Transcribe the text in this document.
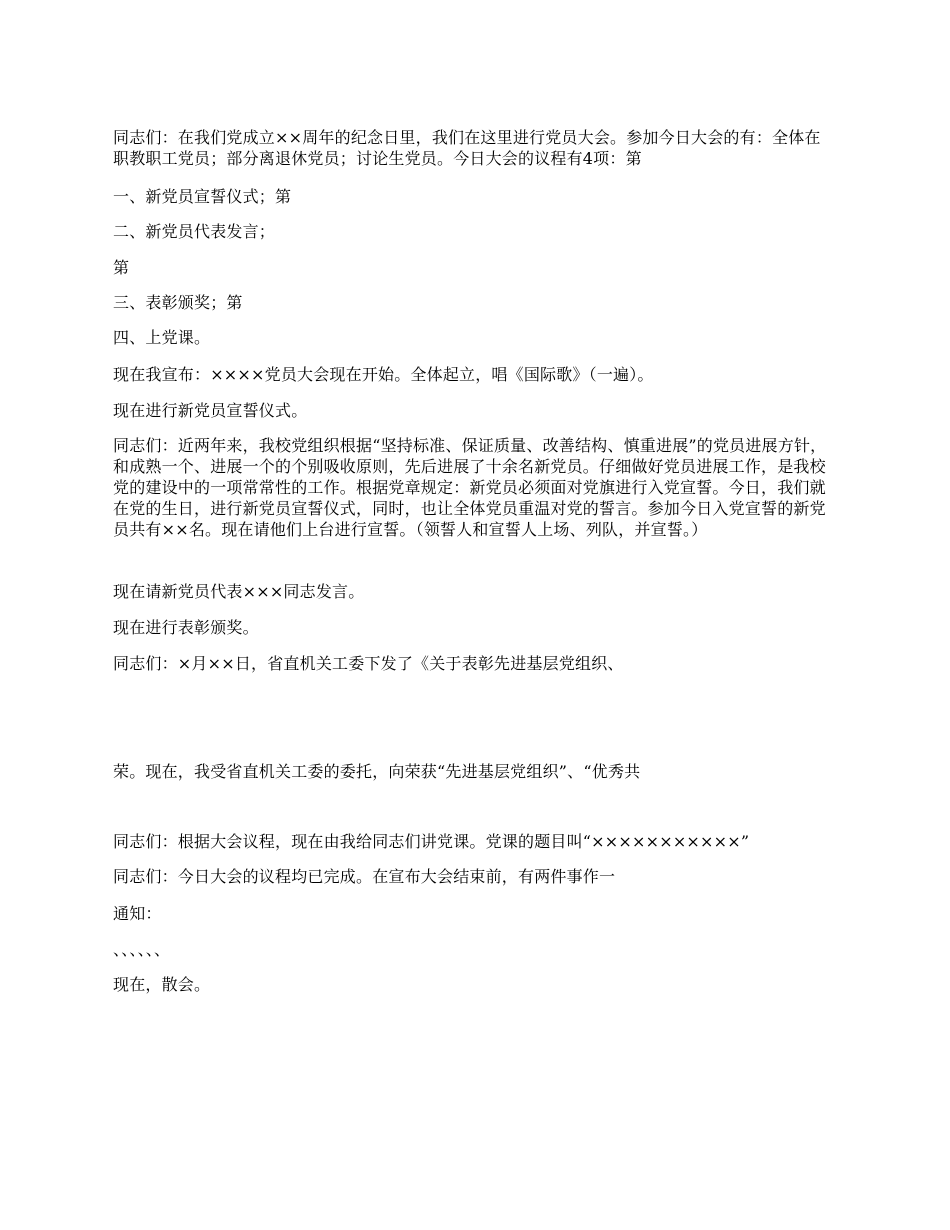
同志们：在我们党成立××周年的纪念日里，我们在这里进行党员大会。参加今日大会的有：全体在职教职工党员；部分离退休党员；讨论生党员。今日大会的议程有4项：第

一、新党员宣誓仪式；第

二、新党员代表发言；

第

三、表彰颁奖；第

四、上党课。

现在我宣布：××××党员大会现在开始。全体起立，唱《国际歌》（一遍）。

现在进行新党员宣誓仪式。

同志们：近两年来，我校党组织根据“坚持标准、保证质量、改善结构、慎重进展”的党员进展方针，和成熟一个、进展一个的个别吸收原则，先后进展了十余名新党员。仔细做好党员进展工作，是我校党的建设中的一项常常性的工作。根据党章规定：新党员必须面对党旗进行入党宣誓。今日，我们就在党的生日，进行新党员宣誓仪式，同时，也让全体党员重温对党的誓言。参加今日入党宣誓的新党员共有××名。现在请他们上台进行宣誓。（领誓人和宣誓人上场、列队，并宣誓。）

现在请新党员代表×××同志发言。

现在进行表彰颁奖。

同志们：×月××日，省直机关工委下发了《关于表彰先进基层党组织、

荣。现在，我受省直机关工委的委托，向荣获“先进基层党组织”、“优秀共

同志们：根据大会议程，现在由我给同志们讲党课。党课的题目叫“×××××××××××”

同志们：今日大会的议程均已完成。在宣布大会结束前，有两件事作一

通知：

、、、、、、

现在，散会。
